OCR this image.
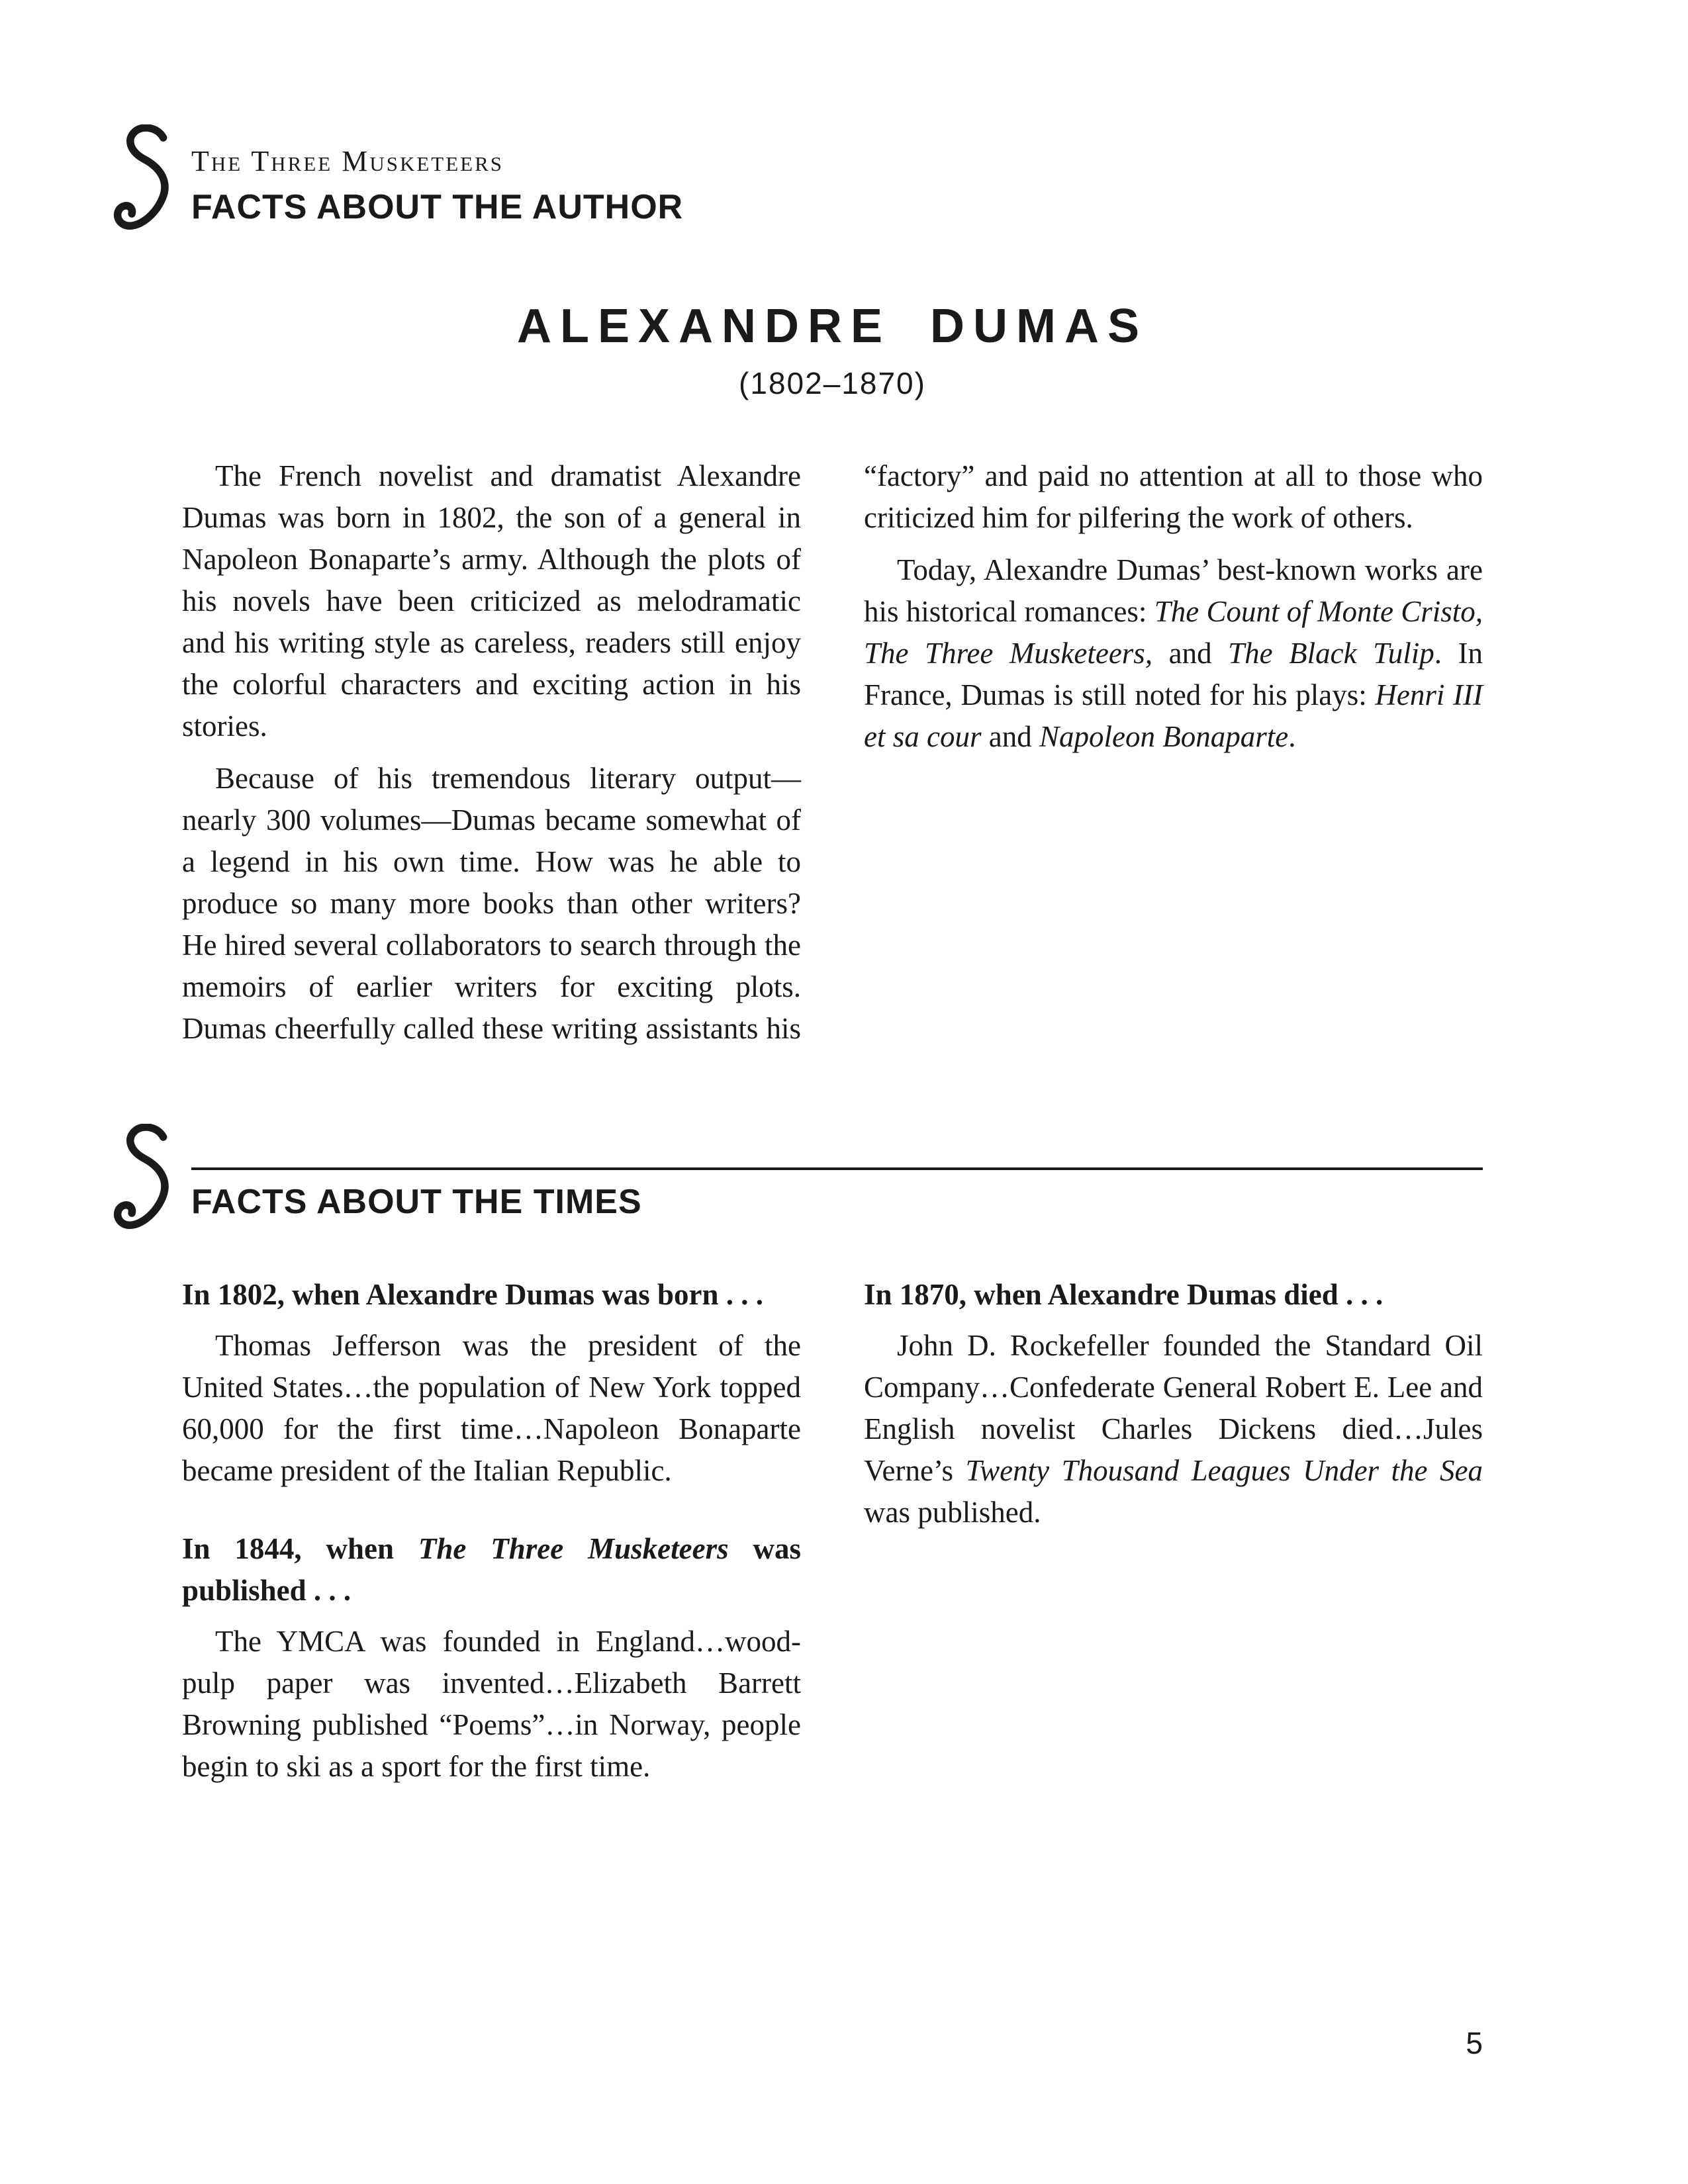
The Three Musketeers
FACTS ABOUT THE AUTHOR
ALEXANDRE DUMAS
(1802–1870)

The French novelist and dramatist Alexandre Dumas was born in 1802, the son of a general in Napoleon Bonaparte’s army. Although the plots of his novels have been criticized as melodramatic and his writing style as careless, readers still enjoy the colorful characters and exciting action in his stories.

Because of his tremendous literary output—nearly 300 volumes—Dumas became somewhat of a legend in his own time. How was he able to produce so many more books than other writers? He hired several collaborators to search through the memoirs of earlier writers for exciting plots. Dumas cheerfully called these writing assistants his “factory” and paid no attention at all to those who criticized him for pilfering the work of others.

Today, Alexandre Dumas’ best-known works are his historical romances: The Count of Monte Cristo, The Three Musketeers, and The Black Tulip. In France, Dumas is still noted for his plays: Henri III et sa cour and Napoleon Bonaparte.

FACTS ABOUT THE TIMES

In 1802, when Alexandre Dumas was born . . .

Thomas Jefferson was the president of the United States…the population of New York topped 60,000 for the first time…Napoleon Bonaparte became president of the Italian Republic.

In 1844, when The Three Musketeers was published . . .

The YMCA was founded in England…wood-pulp paper was invented…Elizabeth Barrett Browning published “Poems”…in Norway, people begin to ski as a sport for the first time.

In 1870, when Alexandre Dumas died . . .

John D. Rockefeller founded the Standard Oil Company…Confederate General Robert E. Lee and English novelist Charles Dickens died…Jules Verne’s Twenty Thousand Leagues Under the Sea was published.

5
